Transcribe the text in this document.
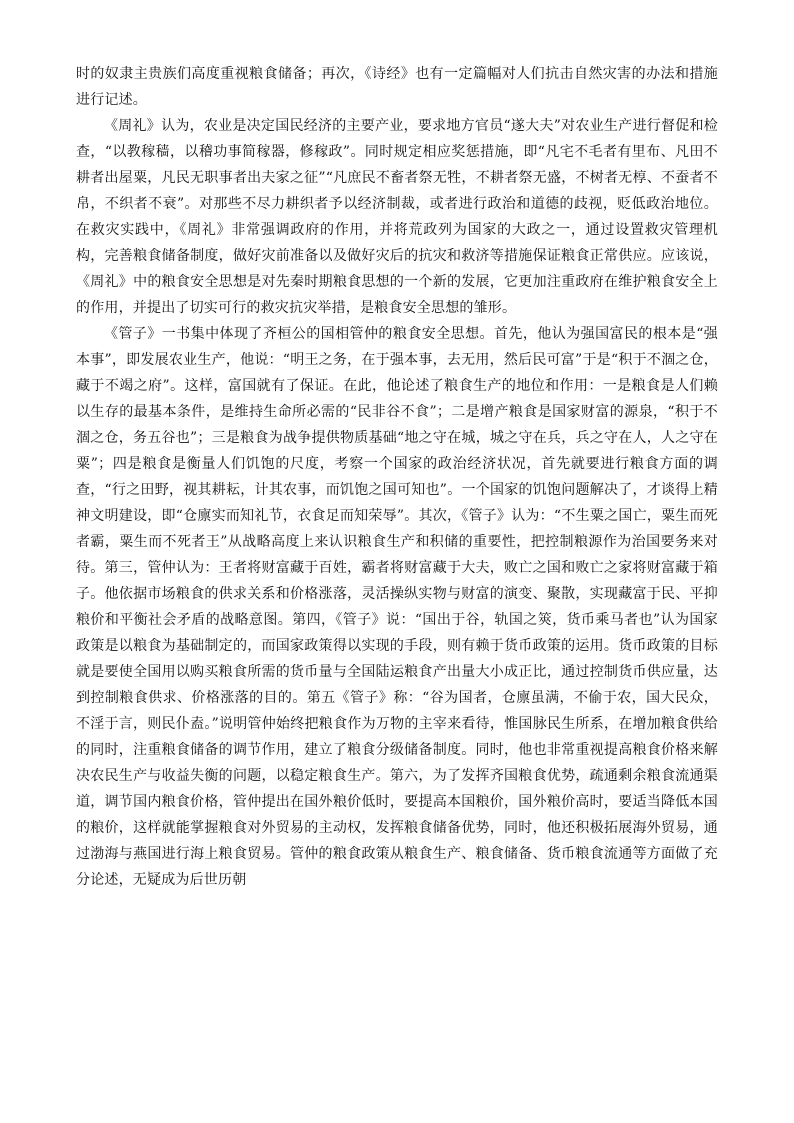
时的奴隶主贵族们高度重视粮食储备；再次，《诗经》也有一定篇幅对人们抗击自然灾害的办法和措施进行记述。

《周礼》认为，农业是决定国民经济的主要产业，要求地方官员“遂大夫”对农业生产进行督促和检查，“以教稼穑，以稽功事简稼器，修稼政”。同时规定相应奖惩措施，即“凡宅不毛者有里布、凡田不耕者出屋粟，凡民无职事者出夫家之征”“凡庶民不畜者祭无牲，不耕者祭无盛，不树者无椁、不蚕者不帛，不织者不衰”。对那些不尽力耕织者予以经济制裁，或者进行政治和道德的歧视，贬低政治地位。在救灾实践中，《周礼》非常强调政府的作用，并将荒政列为国家的大政之一，通过设置救灾管理机构，完善粮食储备制度，做好灾前准备以及做好灾后的抗灾和救济等措施保证粮食正常供应。应该说，《周礼》中的粮食安全思想是对先秦时期粮食思想的一个新的发展，它更加注重政府在维护粮食安全上的作用，并提出了切实可行的救灾抗灾举措，是粮食安全思想的雏形。

《管子》一书集中体现了齐桓公的国相管仲的粮食安全思想。首先，他认为强国富民的根本是“强本事”，即发展农业生产，他说：“明王之务，在于强本事，去无用，然后民可富”于是“积于不涸之仓，藏于不竭之府”。这样，富国就有了保证。在此，他论述了粮食生产的地位和作用：一是粮食是人们赖以生存的最基本条件，是维持生命所必需的“民非谷不食”；二是增产粮食是国家财富的源泉，“积于不涸之仓，务五谷也”；三是粮食为战争提供物质基础“地之守在城，城之守在兵，兵之守在人，人之守在粟”；四是粮食是衡量人们饥饱的尺度，考察一个国家的政治经济状况，首先就要进行粮食方面的调查，“行之田野，视其耕耘，计其农事，而饥饱之国可知也”。一个国家的饥饱问题解决了，才谈得上精神文明建设，即“仓廪实而知礼节，衣食足而知荣辱”。其次，《管子》认为：“不生粟之国亡，粟生而死者霸，粟生而不死者王”从战略高度上来认识粮食生产和积储的重要性，把控制粮源作为治国要务来对待。第三，管仲认为：王者将财富藏于百姓，霸者将财富藏于大夫，败亡之国和败亡之家将财富藏于箱子。他依据市场粮食的供求关系和价格涨落，灵活操纵实物与财富的演变、聚散，实现藏富于民、平抑粮价和平衡社会矛盾的战略意图。第四，《管子》说：“国出于谷，轨国之筴，货币乘马者也”认为国家政策是以粮食为基础制定的，而国家政策得以实现的手段，则有赖于货币政策的运用。货币政策的目标就是要使全国用以购买粮食所需的货币量与全国陆运粮食产出量大小成正比，通过控制货币供应量，达到控制粮食供求、价格涨落的目的。第五《管子》称：“谷为国者，仓廪虽满，不偷于农，国大民众，不淫于言，则民仆盍。”说明管仲始终把粮食作为万物的主宰来看待，惟国脉民生所系，在增加粮食供给的同时，注重粮食储备的调节作用，建立了粮食分级储备制度。同时，他也非常重视提高粮食价格来解决农民生产与收益失衡的问题，以稳定粮食生产。第六，为了发挥齐国粮食优势，疏通剩余粮食流通渠道，调节国内粮食价格，管仲提出在国外粮价低时，要提高本国粮价，国外粮价高时，要适当降低本国的粮价，这样就能掌握粮食对外贸易的主动权，发挥粮食储备优势，同时，他还积极拓展海外贸易，通过渤海与燕国进行海上粮食贸易。管仲的粮食政策从粮食生产、粮食储备、货币粮食流通等方面做了充分论述，无疑成为后世历朝
